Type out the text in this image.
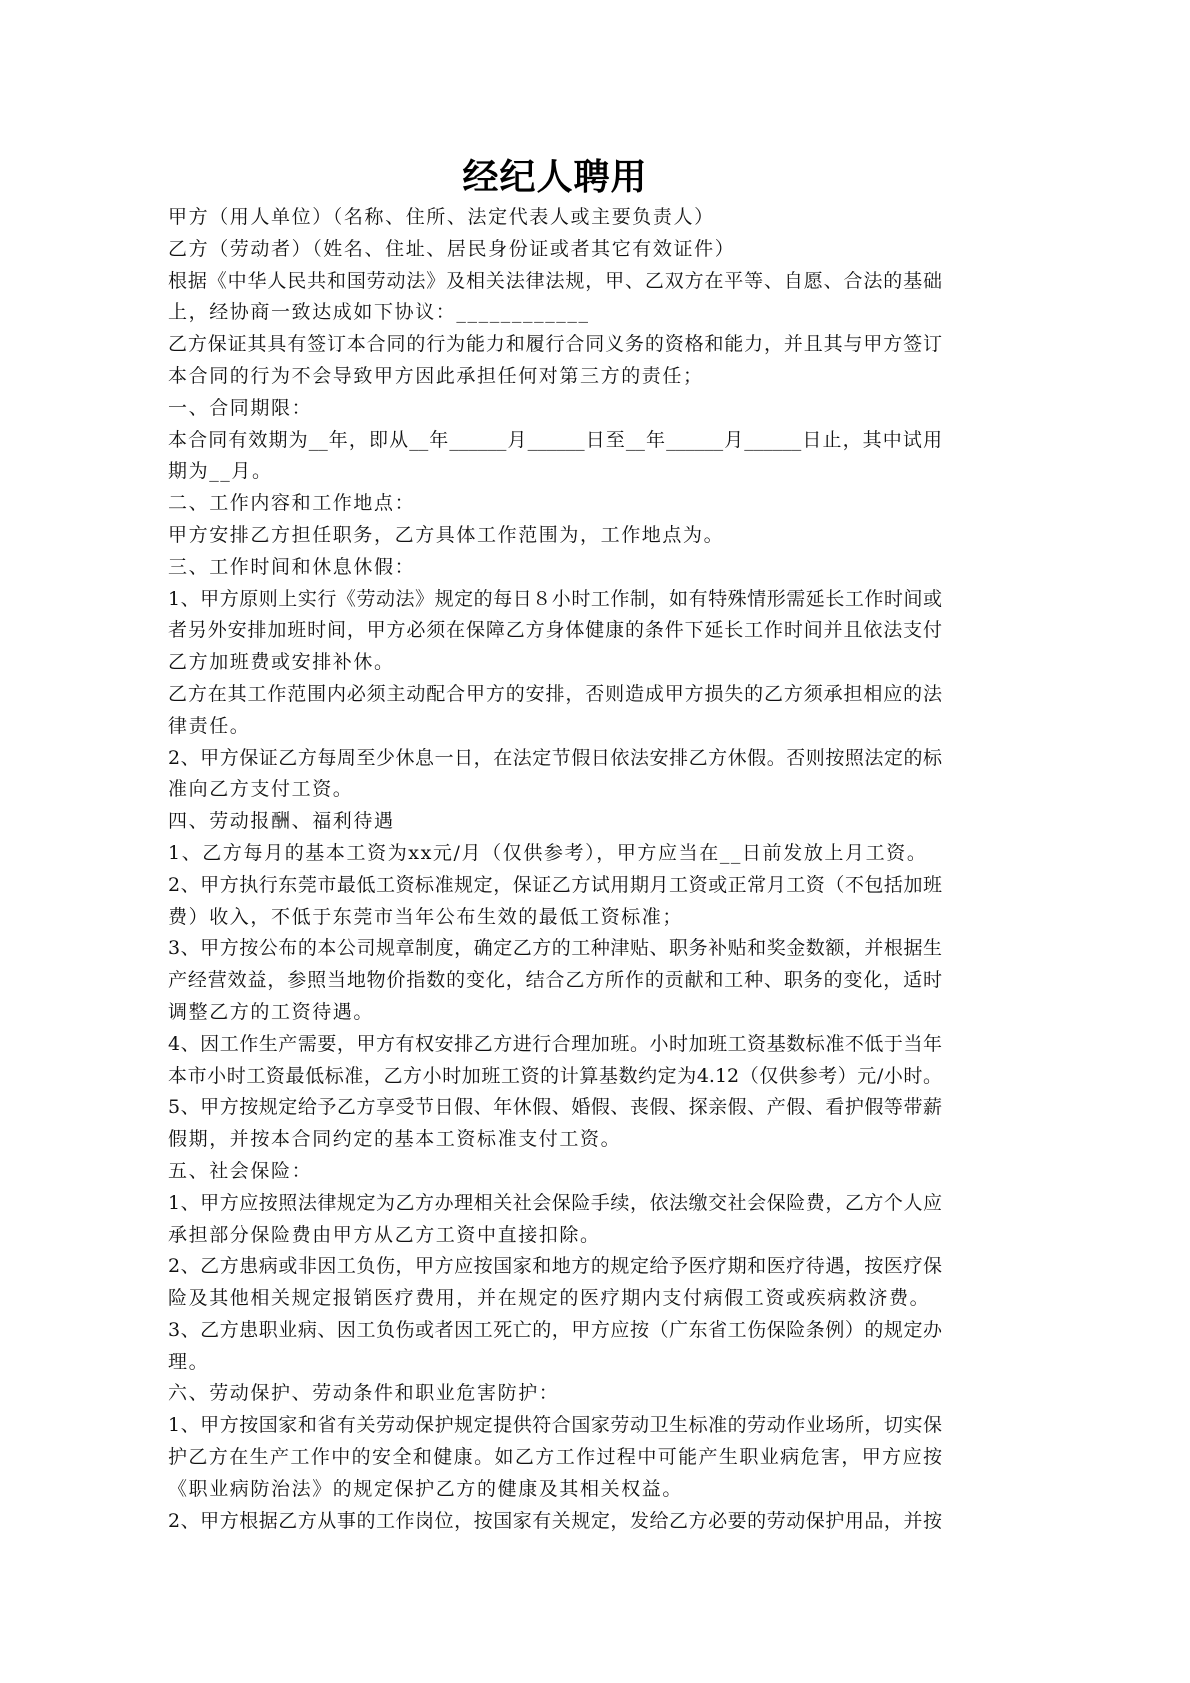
经纪人聘用
甲方（用人单位）（名称、住所、法定代表人或主要负责人）
乙方（劳动者）（姓名、住址、居民身份证或者其它有效证件）
根据《中华人民共和国劳动法》及相关法律法规，甲、乙双方在平等、自愿、合法的基础
上，经协商一致达成如下协议：____________
乙方保证其具有签订本合同的行为能力和履行合同义务的资格和能力，并且其与甲方签订
本合同的行为不会导致甲方因此承担任何对第三方的责任；
一、合同期限：
本合同有效期为__年，即从__年______月______日至__年______月______日止，其中试用
期为__月。
二、工作内容和工作地点：
甲方安排乙方担任职务，乙方具体工作范围为，工作地点为。
三、工作时间和休息休假：
1、甲方原则上实行《劳动法》规定的每日８小时工作制，如有特殊情形需延长工作时间或
者另外安排加班时间，甲方必须在保障乙方身体健康的条件下延长工作时间并且依法支付
乙方加班费或安排补休。
乙方在其工作范围内必须主动配合甲方的安排，否则造成甲方损失的乙方须承担相应的法
律责任。
2、甲方保证乙方每周至少休息一日，在法定节假日依法安排乙方休假。否则按照法定的标
准向乙方支付工资。
四、劳动报酬、福利待遇
1、乙方每月的基本工资为xx元/月（仅供参考），甲方应当在__日前发放上月工资。
2、甲方执行东莞市最低工资标准规定，保证乙方试用期月工资或正常月工资（不包括加班
费）收入，不低于东莞市当年公布生效的最低工资标准；
3、甲方按公布的本公司规章制度，确定乙方的工种津贴、职务补贴和奖金数额，并根据生
产经营效益，参照当地物价指数的变化，结合乙方所作的贡献和工种、职务的变化，适时
调整乙方的工资待遇。
4、因工作生产需要，甲方有权安排乙方进行合理加班。小时加班工资基数标准不低于当年
本市小时工资最低标准，乙方小时加班工资的计算基数约定为4.12（仅供参考）元/小时。
5、甲方按规定给予乙方享受节日假、年休假、婚假、丧假、探亲假、产假、看护假等带薪
假期，并按本合同约定的基本工资标准支付工资。
五、社会保险：
1、甲方应按照法律规定为乙方办理相关社会保险手续，依法缴交社会保险费，乙方个人应
承担部分保险费由甲方从乙方工资中直接扣除。
2、乙方患病或非因工负伤，甲方应按国家和地方的规定给予医疗期和医疗待遇，按医疗保
险及其他相关规定报销医疗费用，并在规定的医疗期内支付病假工资或疾病救济费。
3、乙方患职业病、因工负伤或者因工死亡的，甲方应按（广东省工伤保险条例）的规定办
理。
六、劳动保护、劳动条件和职业危害防护：
1、甲方按国家和省有关劳动保护规定提供符合国家劳动卫生标准的劳动作业场所，切实保
护乙方在生产工作中的安全和健康。如乙方工作过程中可能产生职业病危害，甲方应按
《职业病防治法》的规定保护乙方的健康及其相关权益。
2、甲方根据乙方从事的工作岗位，按国家有关规定，发给乙方必要的劳动保护用品，并按
